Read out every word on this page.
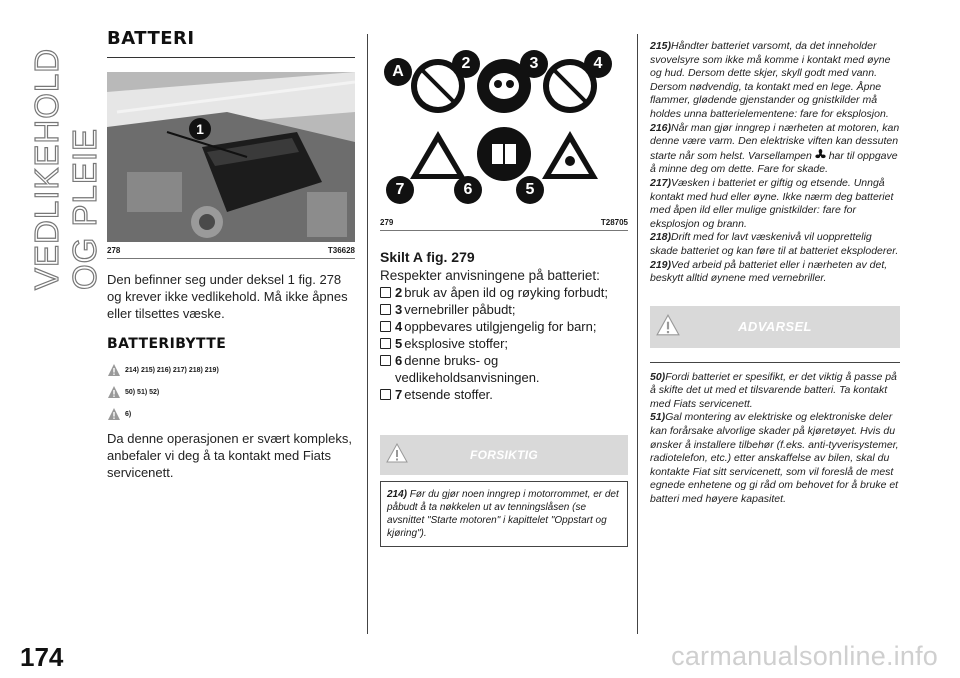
VEDLIKEHOLD OG PLEIE
174	carmanualsonline.info
BATTERI
1
278	T36628

Den befinner seg under deksel 1 fig. 278 og krever ikke vedlikehold. Må ikke åpnes eller tilsettes væske.

BATTERIBYTTE
214) 215) 216) 217) 218) 219)
50) 51) 52)
6)

Da denne operasjonen er svært kompleks, anbefaler vi deg å ta kontakt med Fiats servicenett.

A	2	3	4
7	6	5
279	T28705
Skilt A fig. 279
Respekter anvisningene på batteriet:
2 bruk av åpen ild og røyking forbudt;
3 vernebriller påbudt;
4 oppbevares utilgjengelig for barn;
5 eksplosive stoffer;
6 denne bruks- og vedlikeholdsanvisningen.
7 etsende stoffer.
FORSIKTIG
214) Før du gjør noen inngrep i motorrommet, er det påbudt å ta nøkkelen ut av tenningslåsen (se avsnittet "Starte motoren" i kapittelet "Oppstart og kjøring").

215)Håndter batteriet varsomt, da det inneholder svovelsyre som ikke må komme i kontakt med øyne og hud. Dersom dette skjer, skyll godt med vann. Dersom nødvendig, ta kontakt med en lege. Åpne flammer, glødende gjenstander og gnistkilder må holdes unna batterielementene: fare for eksplosjon.

216)Når man gjør inngrep i nærheten at motoren, kan denne være varm. Den elektriske viften kan dessuten starte når som helst. Varsellampen har til oppgave å minne deg om dette. Fare for skade.

217)Væsken i batteriet er giftig og etsende. Unngå kontakt med hud eller øyne. Ikke nærm deg batteriet med åpen ild eller mulige gnistkilder: fare for eksplosjon og brann.

218)Drift med for lavt væskenivå vil uopprettelig skade batteriet og kan føre til at batteriet eksploderer.

219)Ved arbeid på batteriet eller i nærheten av det, beskytt alltid øynene med vernebriller.

ADVARSEL

50)Fordi batteriet er spesifikt, er det viktig å passe på å skifte det ut med et tilsvarende batteri. Ta kontakt med Fiats servicenett.

51)Gal montering av elektriske og elektroniske deler kan forårsake alvorlige skader på kjøretøyet. Hvis du ønsker å installere tilbehør (f.eks. anti-tyverisystemer, radiotelefon, etc.) etter anskaffelse av bilen, skal du kontakte Fiat sitt servicenett, som vil foreslå de mest egnede enhetene og gi råd om behovet for å bruke et batteri med høyere kapasitet.
